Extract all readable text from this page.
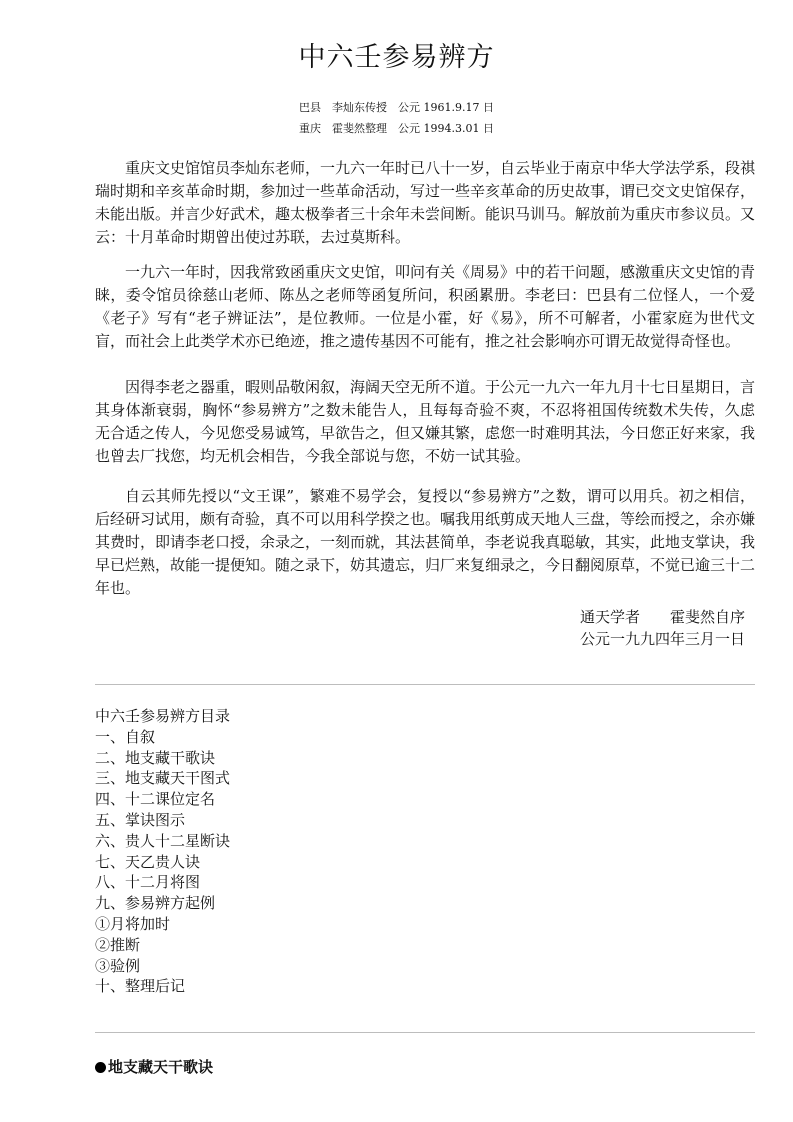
中六壬参易辨方
巴县　李灿东传授　公元 1961.9.17 日
重庆　霍斐然整理　公元 1994.3.01 日

重庆文史馆馆员李灿东老师，一九六一年时已八十一岁，自云毕业于南京中华大学法学系，段祺瑞时期和辛亥革命时期，参加过一些革命活动，写过一些辛亥革命的历史故事，谓已交文史馆保存，未能出版。并言少好武术，趣太极拳者三十余年未尝间断。能识马训马。解放前为重庆市参议员。又云：十月革命时期曾出使过苏联，去过莫斯科。

一九六一年时，因我常致函重庆文史馆，叩问有关《周易》中的若干问题，感激重庆文史馆的青睐，委令馆员徐慈山老师、陈丛之老师等函复所问，积函累册。李老曰：巴县有二位怪人，一个爱《老子》写有“老子辨证法”，是位教师。一位是小霍，好《易》，所不可解者，小霍家庭为世代文盲，而社会上此类学术亦已绝迹，推之遗传基因不可能有，推之社会影响亦可谓无故觉得奇怪也。

因得李老之器重，暇则品敬闲叙，海阔天空无所不道。于公元一九六一年九月十七日星期日，言其身体渐衰弱，胸怀“参易辨方”之数未能告人，且每每奇验不爽，不忍将祖国传统数术失传，久虑无合适之传人，今见您受易诚笃，早欲告之，但又嫌其繁，虑您一时难明其法，今日您正好来家，我也曾去厂找您，均无机会相告，今我全部说与您，不妨一试其验。

自云其师先授以“文王课”，繁难不易学会，复授以“参易辨方”之数，谓可以用兵。初之相信，后经研习试用，颇有奇验，真不可以用科学揆之也。嘱我用纸剪成天地人三盘，等绘而授之，余亦嫌其费时，即请李老口授，余录之，一刻而就，其法甚简单，李老说我真聪敏，其实，此地支掌诀，我早已烂熟，故能一提便知。随之录下，妨其遗忘，归厂来复细录之，今日翻阅原草，不觉已逾三十二年也。

通天学者　　霍斐然自序
公元一九九四年三月一日
中六壬参易辨方目录
一、自叙
二、地支藏干歌诀
三、地支藏天干图式
四、十二课位定名
五、掌诀图示
六、贵人十二星断诀
七、天乙贵人诀
八、十二月将图
九、参易辨方起例
①月将加时
②推断
③验例
十、整理后记
地支藏天干歌诀
